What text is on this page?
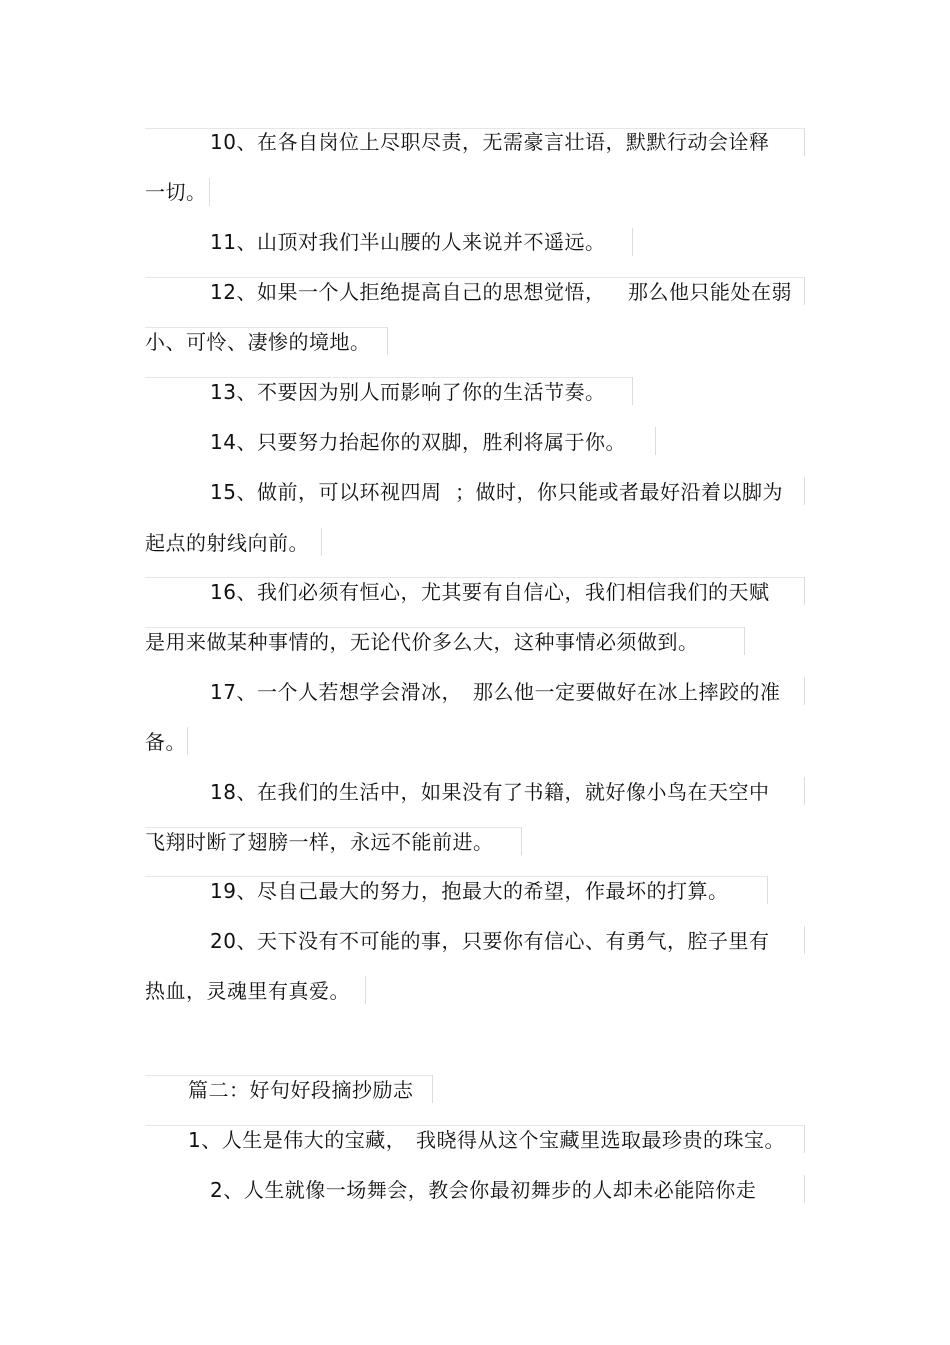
10、在各自岗位上尽职尽责，无需豪言壮语，默默行动会诠释
一切。
11、山顶对我们半山腰的人来说并不遥远。
12、如果一个人拒绝提高自己的思想觉悟， 那么他只能处在弱
小、可怜、凄惨的境地。
13、不要因为别人而影响了你的生活节奏。
14、只要努力抬起你的双脚，胜利将属于你。
15、做前，可以环视四周 ；做时，你只能或者最好沿着以脚为
起点的射线向前。
16、我们必须有恒心，尤其要有自信心，我们相信我们的天赋
是用来做某种事情的，无论代价多么大，这种事情必须做到。
17、一个人若想学会滑冰， 那么他一定要做好在冰上摔跤的准
备。
18、在我们的生活中，如果没有了书籍，就好像小鸟在天空中
飞翔时断了翅膀一样，永远不能前进。
19、尽自己最大的努力，抱最大的希望，作最坏的打算。
20、天下没有不可能的事，只要你有信心、有勇气，腔子里有
热血，灵魂里有真爱。
篇二：好句好段摘抄励志
1、人生是伟大的宝藏， 我晓得从这个宝藏里选取最珍贵的珠宝。
2、人生就像一场舞会，教会你最初舞步的人却未必能陪你走
